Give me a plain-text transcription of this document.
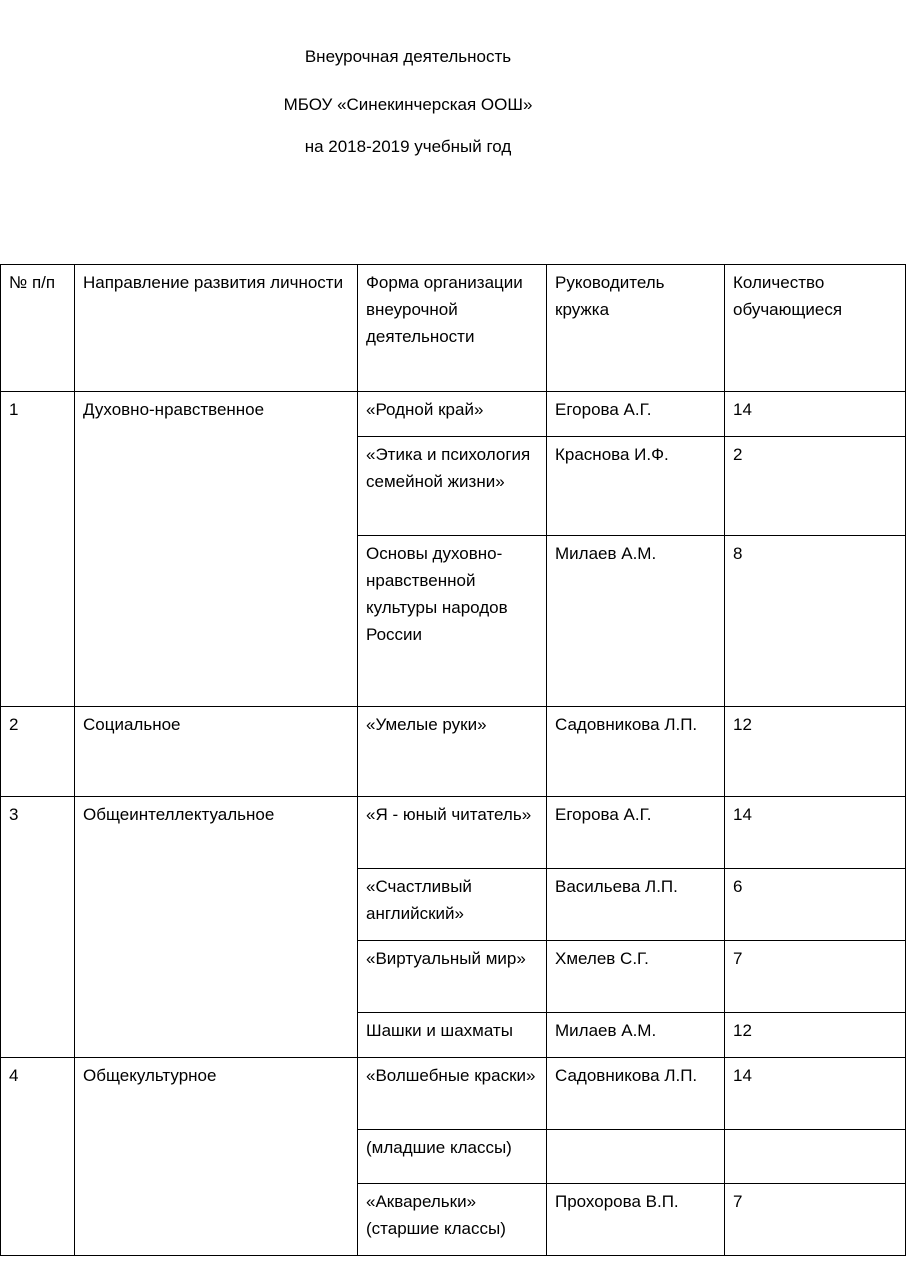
Внеурочная деятельность
МБОУ «Синекинчерская ООШ»
на 2018-2019 учебный год
№ п/п	Направление развития личности	Форма организации внеурочной деятельности	Руководитель кружка	Количество обучающиеся
1	Духовно-нравственное	«Родной край»	Егорова А.Г.	14
		«Этика и психология семейной жизни»	Краснова И.Ф.	2
		Основы духовно-нравственной культуры народов России	Милаев А.М.	8
2	Социальное	«Умелые руки»	Садовникова Л.П.	12
3	Общеинтеллектуальное	«Я - юный читатель»	Егорова А.Г.	14
		«Счастливый английский»	Васильева Л.П.	6
		«Виртуальный мир»	Хмелев С.Г.	7
		Шашки и шахматы	Милаев А.М.	12
4	Общекультурное	«Волшебные краски»	Садовникова Л.П.	14
		(младшие классы)		
		«Акварельки» (старшие классы)	Прохорова В.П.	7
